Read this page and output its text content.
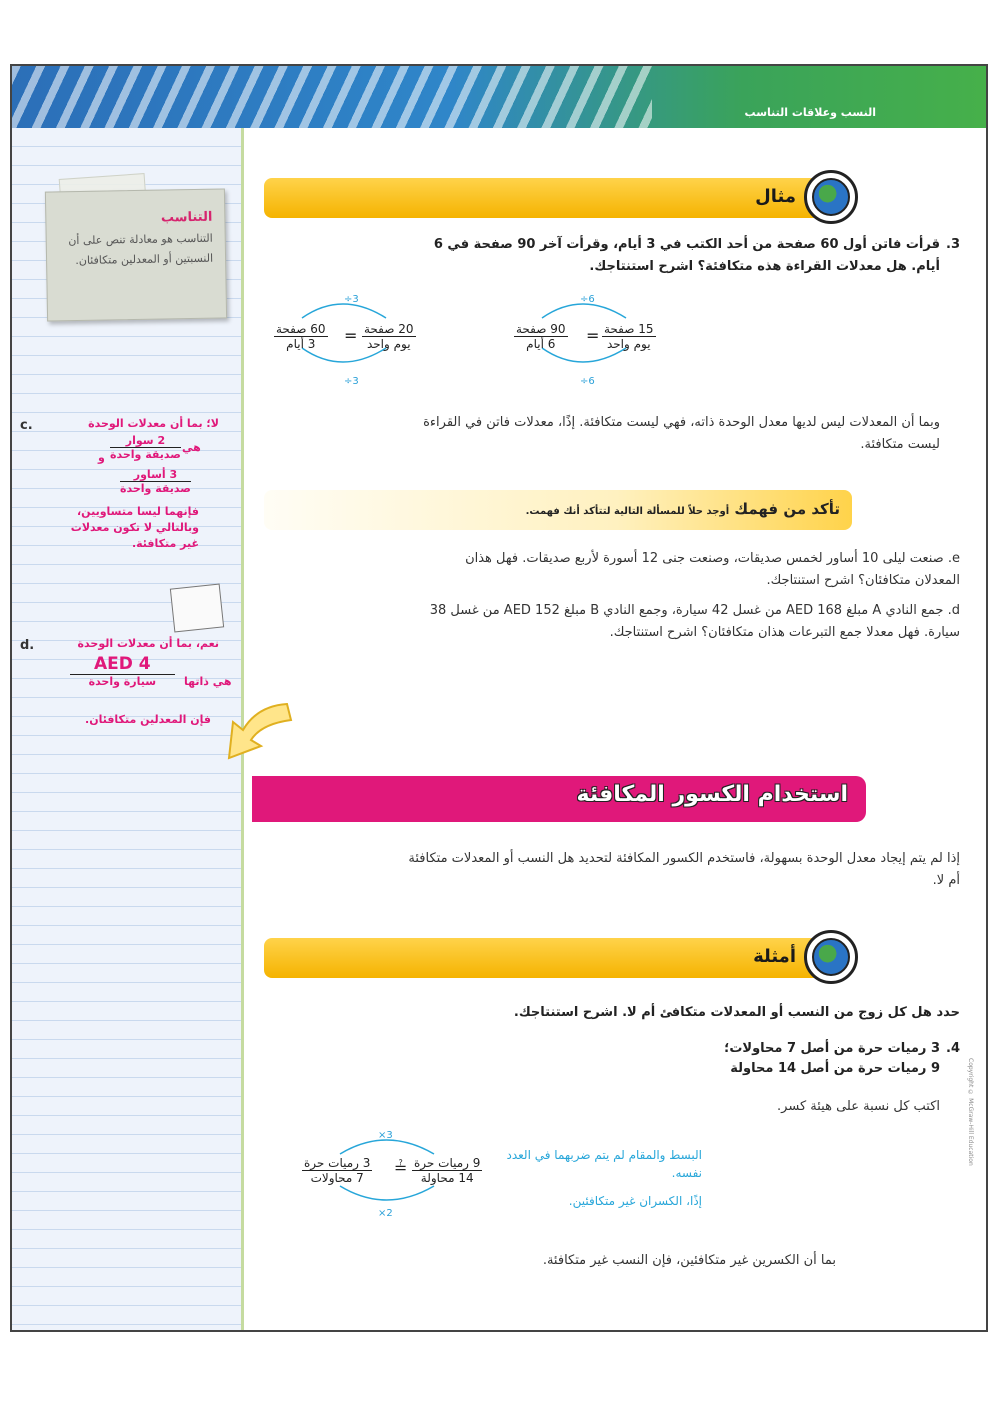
النسب وعلاقات التناسب
التناسب
التناسب هو معادلة تنص على أن النسبتين أو المعدلين متكافئان.
c.	لا؛ بما أن معدلات الوحدة
2 سوار
صديقة واحدة
هي
و
3 أساور
صديقة واحدة
فإنهما ليسا متساويين،
وبالتالي لا تكون معدلات
غير متكافئة.
d.	نعم، بما أن معدلات الوحدة
AED 4
سيارة واحدة	هي ذاتها
فإن المعدلين متكافئان.
مثال
3.
قرأت فاتن أول 60 صفحة من أحد الكتب في 3 أيام، وقرأت آخر 90 صفحة في 6 أيام. هل معدلات القراءة هذه متكافئة؟ اشرح استنتاجك.
÷6
90 صفحة
6 أيام	= 15 صفحة
يوم واحد
÷6
÷3
60 صفحة
3 أيام	= 20 صفحة
يوم واحد
÷3
وبما أن المعدلات ليس لديها معدل الوحدة ذاته، فهي ليست متكافئة. إذًا، معدلات فاتن في القراءة ليست متكافئة.
تأكد من فهمك أوجد حلاً للمسألة التالية لتتأكد أنك فهمت.
e. صنعت ليلى 10 أساور لخمس صديقات، وصنعت جنى 12 أسورة لأربع صديقات. فهل هذان المعدلان متكافئان؟ اشرح استنتاجك.
d. جمع النادي A مبلغ AED 168 من غسل 42 سيارة، وجمع النادي B مبلغ AED 152 من غسل 38 سيارة. فهل معدلا جمع التبرعات هذان متكافئان؟ اشرح استنتاجك.
استخدام الكسور المكافئة
إذا لم يتم إيجاد معدل الوحدة بسهولة، فاستخدم الكسور المكافئة لتحديد هل النسب أو المعدلات متكافئة أم لا.
أمثلة
حدد هل كل زوج من النسب أو المعدلات متكافئ أم لا. اشرح استنتاجك.
4.
3 رميات حرة من أصل 7 محاولات؛
9 رميات حرة من أصل 14 محاولة
اكتب كل نسبة على هيئة كسر.
×3
3 رميات حرة
7 محاولات
≟ 9 رميات حرة
14 محاولة
×2
البسط والمقام لم يتم ضربهما في العدد نفسه.
إذًا، الكسران غير متكافئين.
بما أن الكسرين غير متكافئين، فإن النسب غير متكافئة.
Copyright © McGraw-Hill Education
